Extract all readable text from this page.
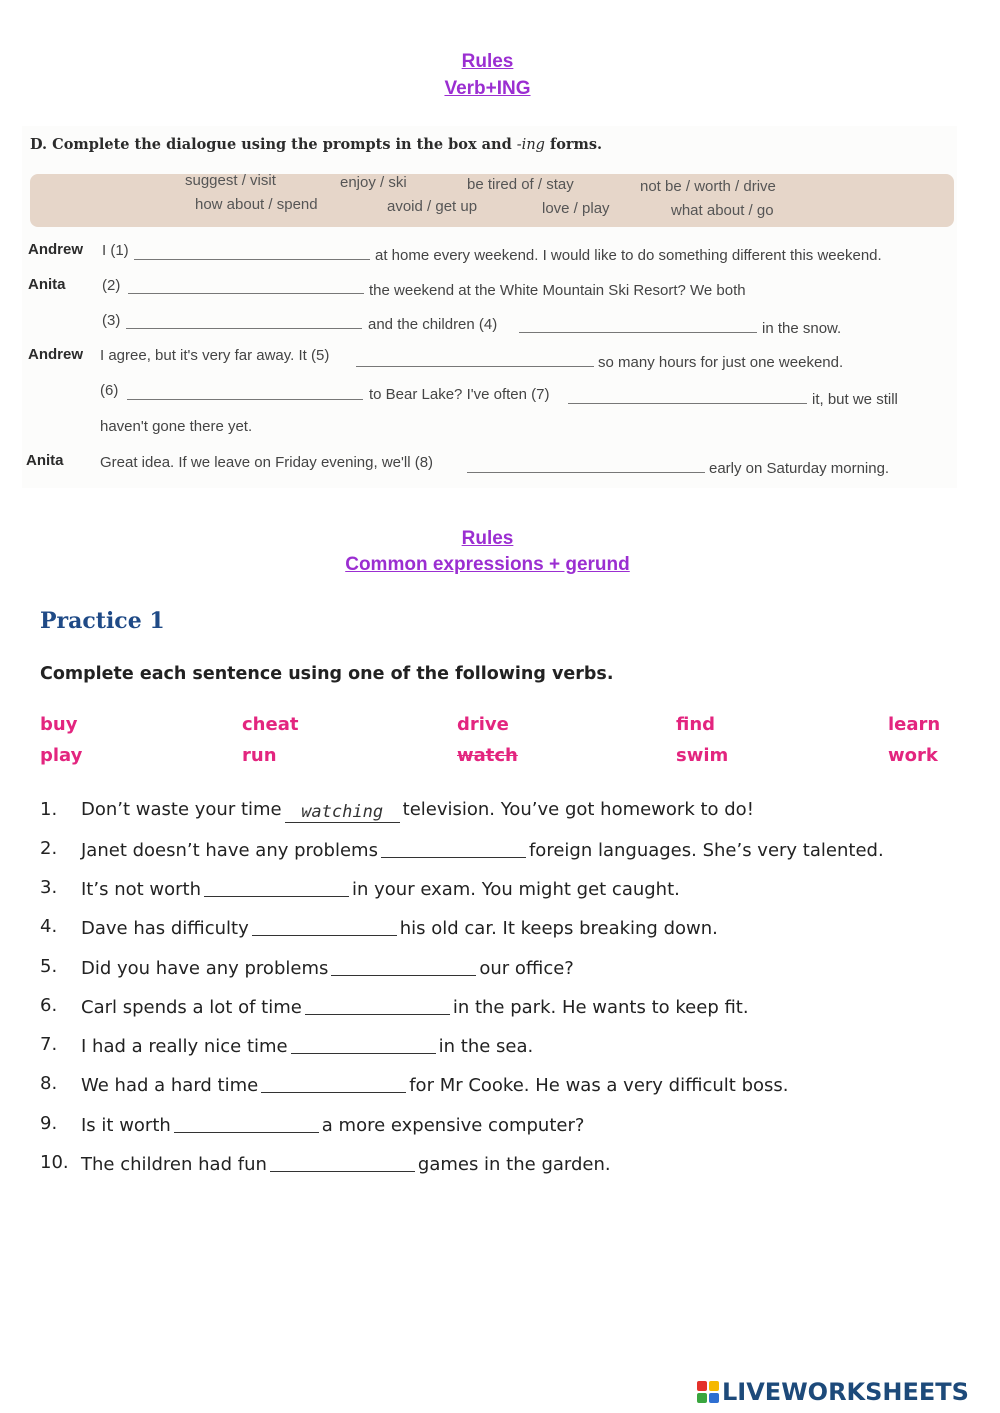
Rules
Verb+ING
D. Complete the dialogue using the prompts in the box and -ing forms.
suggest / visit	enjoy / ski	be tired of / stay	not be / worth / drive
how about / spend	avoid / get up	love / play	what about / go
Andrew I (1)	at home every weekend. I would like to do something different this weekend.
Anita (2)	the weekend at the White Mountain Ski Resort? We both
(3)	and the children (4)	in the snow.
Andrew I agree, but it's very far away. It (5)	so many hours for just one weekend.
(6)	to Bear Lake? I've often (7)	it, but we still
haven't gone there yet.
Anita Great idea. If we leave on Friday evening, we'll (8)	early on Saturday morning.
Rules
Common expressions + gerund
Practice 1
Complete each sentence using one of the following verbs.
buy	cheat	drive	find	learn
play	run	watch	swim	work
1. Don’t waste your time watching television. You’ve got homework to do!
2. Janet doesn’t have any problems	foreign languages. She’s very talented.
3. It’s not worth	in your exam. You might get caught.
4. Dave has difficulty	his old car. It keeps breaking down.
5. Did you have any problems	our office?
6. Carl spends a lot of time	in the park. He wants to keep fit.
7. I had a really nice time	in the sea.
8. We had a hard time	for Mr Cooke. He was a very difficult boss.
9. Is it worth	a more expensive computer?
10. The children had fun	games in the garden.
LIVEWORKSHEETS
